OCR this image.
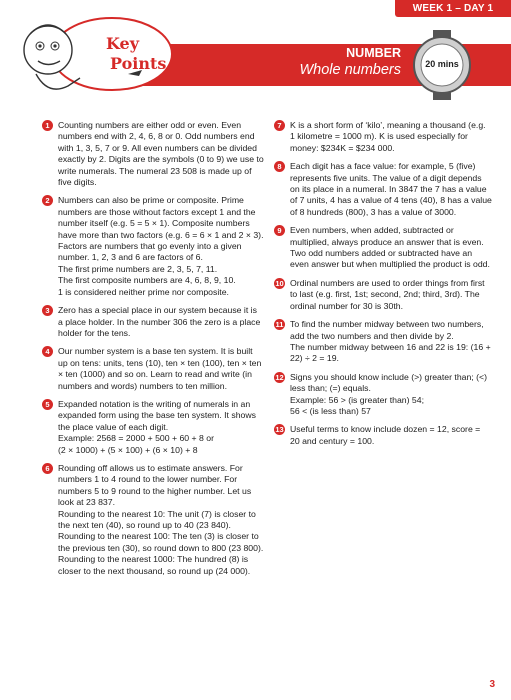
WEEK 1 – DAY 1
Key
Points
NUMBER
Whole numbers	20 mins
1 Counting numbers are either odd or even. Even numbers end with 2, 4, 6, 8 or 0. Odd numbers end with 1, 3, 5, 7 or 9. All even numbers can be divided exactly by 2. Digits are the symbols (0 to 9) we use to write numerals. The numeral 23 508 is made up of five digits.

2 Numbers can also be prime or composite. Prime numbers are those without factors except 1 and the number itself (e.g. 5 = 5 × 1). Composite numbers have more than two factors (e.g. 6 = 6 × 1 and 2 × 3). Factors are numbers that go evenly into a given number. 1, 2, 3 and 6 are factors of 6.

The first prime numbers are 2, 3, 5, 7, 11.

The first composite numbers are 4, 6, 8, 9, 10.

1 is considered neither prime nor composite.

3 Zero has a special place in our system because it is a place holder. In the number 306 the zero is a place holder for the tens.

4 Our number system is a base ten system. It is built up on tens: units, tens (10), ten × ten (100), ten × ten × ten (1000) and so on. Learn to read and write (in numbers and words) numbers to ten million.

5 Expanded notation is the writing of numerals in an expanded form using the base ten system. It shows the place value of each digit.

Example: 2568 = 2000 + 500 + 60 + 8 or

(2 × 1000) + (5 × 100) + (6 × 10) + 8

6 Rounding off allows us to estimate answers. For numbers 1 to 4 round to the lower number. For numbers 5 to 9 round to the higher number. Let us look at 23 837.

Rounding to the nearest 10: The unit (7) is closer to the next ten (40), so round up to 40 (23 840).

Rounding to the nearest 100: The ten (3) is closer to the previous ten (30), so round down to 800 (23 800).

Rounding to the nearest 1000: The hundred (8) is closer to the next thousand, so round up (24 000).

7 K is a short form of ‘kilo’, meaning a thousand (e.g. 1 kilometre = 1000 m). K is used especially for money: $234K = $234 000.

8 Each digit has a face value: for example, 5 (five) represents five units. The value of a digit depends on its place in a numeral. In 3847 the 7 has a value of 7 units, 4 has a value of 4 tens (40), 8 has a value of 8 hundreds (800), 3 has a value of 3000.

9 Even numbers, when added, subtracted or multiplied, always produce an answer that is even. Two odd numbers added or subtracted have an even answer but when multiplied the product is odd.

10 Ordinal numbers are used to order things from first to last (e.g. first, 1st; second, 2nd; third, 3rd). The ordinal number for 30 is 30th.

11 To find the number midway between two numbers, add the two numbers and then divide by 2.

The number midway between 16 and 22 is 19: (16 + 22) ÷ 2 = 19.

12 Signs you should know include (>) greater than; (<) less than; (=) equals.

Example: 56 > (is greater than) 54;

56 < (is less than) 57

13 Useful terms to know include dozen = 12, score = 20 and century = 100.

3
